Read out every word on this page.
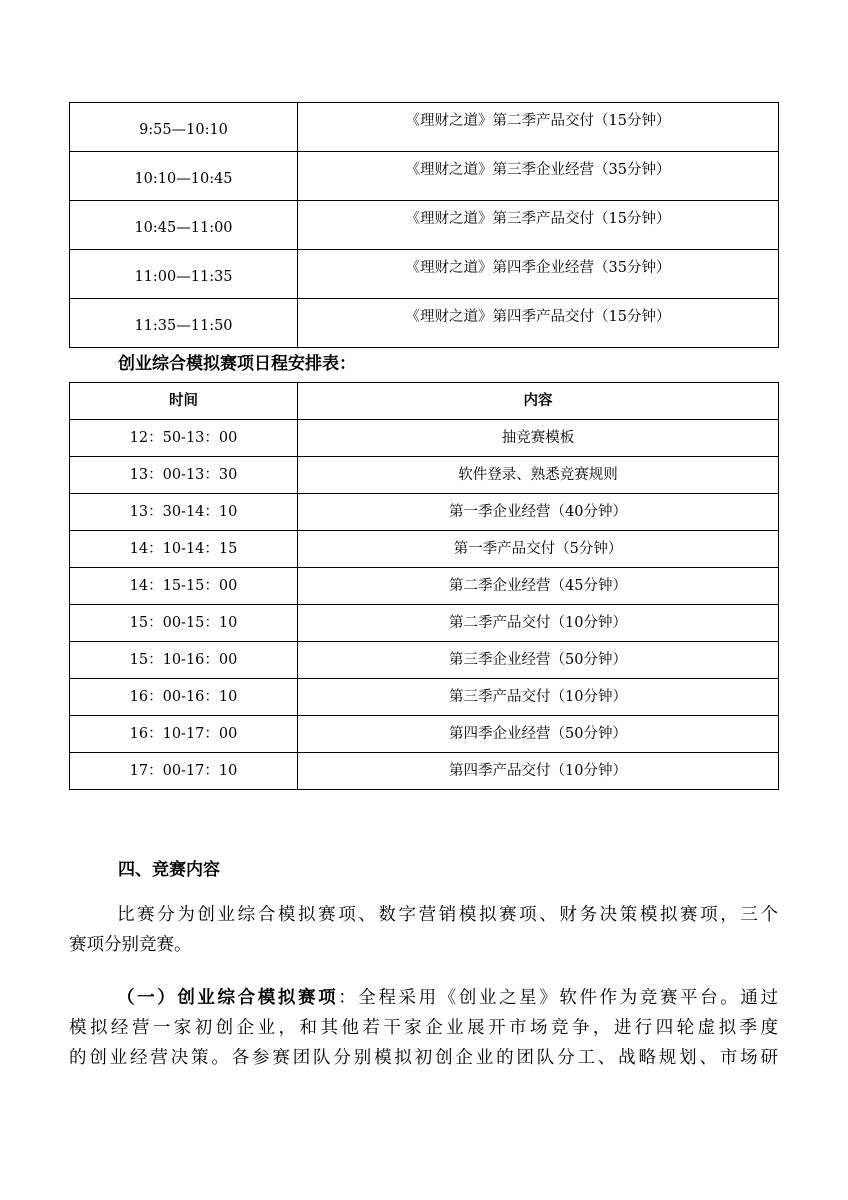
9:55—10:10	《理财之道》第二季产品交付（15分钟）
10:10—10:45	《理财之道》第三季企业经营（35分钟）
10:45—11:00	《理财之道》第三季产品交付（15分钟）
11:00—11:35	《理财之道》第四季企业经营（35分钟）
11:35—11:50	《理财之道》第四季产品交付（15分钟）
创业综合模拟赛项日程安排表：
时间	内容
12：50-13：00	抽竞赛模板
13：00-13：30	软件登录、熟悉竞赛规则
13：30-14：10	第一季企业经营（40分钟）
14：10-14：15	第一季产品交付（5分钟）
14：15-15：00	第二季企业经营（45分钟）
15：00-15：10	第二季产品交付（10分钟）
15：10-16：00	第三季企业经营（50分钟）
16：00-16：10	第三季产品交付（10分钟）
16：10-17：00	第四季企业经营（50分钟）
17：00-17：10	第四季产品交付（10分钟）
四、竞赛内容
比赛分为创业综合模拟赛项、数字营销模拟赛项、财务决策模拟赛项，三个
赛项分别竞赛。
（一）创业综合模拟赛项：全程采用《创业之星》软件作为竞赛平台。通过
模拟经营一家初创企业，和其他若干家企业展开市场竞争，进行四轮虚拟季度
的创业经营决策。各参赛团队分别模拟初创企业的团队分工、战略规划、市场研
